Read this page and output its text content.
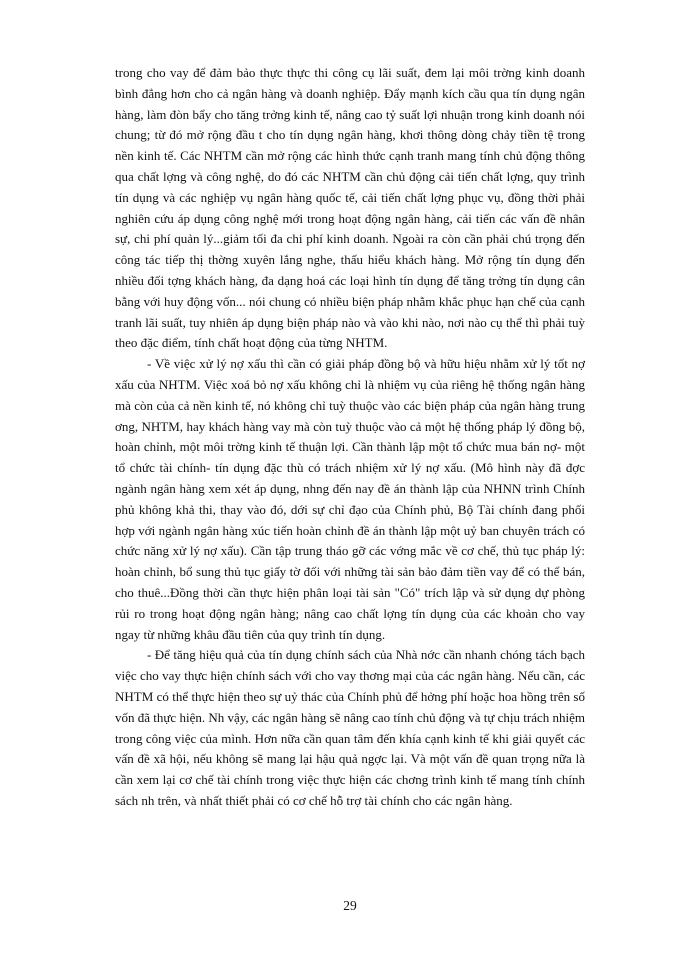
trong cho vay để đảm bảo thực thực thi công cụ lãi suất, đem lại môi trờng kinh doanh bình đẳng hơn cho cả ngân hàng và doanh nghiệp. Đẩy mạnh kích cầu qua tín dụng ngân hàng, làm đòn bẩy cho tăng trởng kinh tế, nâng cao tỷ suất lợi nhuận trong kinh doanh nói chung; từ đó mở rộng đầu t cho tín dụng ngân hàng, khơi thông dòng chảy tiền tệ trong nền kinh tế. Các NHTM cần mở rộng các hình thức cạnh tranh mang tính chủ động thông qua chất lợng và công nghệ, do đó các NHTM cần chủ động cải tiến chất lợng, quy trình tín dụng và các nghiệp vụ ngân hàng quốc tế, cải tiến chất lợng phục vụ, đồng thời phải nghiên cứu áp dụng công nghệ mới trong hoạt động ngân hàng, cải tiến các vấn đề nhân sự, chi phí quản lý...giảm tối đa chi phí kinh doanh. Ngoài ra còn cần phải chú trọng đến công tác tiếp thị thờng xuyên lắng nghe, thấu hiểu khách hàng. Mở rộng tín dụng đến nhiều đối tợng khách hàng, đa dạng hoá các loại hình tín dụng để tăng trởng tín dụng cân bằng với huy động vốn... nói chung có nhiều biện pháp nhằm khắc phục hạn chế của cạnh tranh lãi suất, tuy nhiên áp dụng biện pháp nào và vào khi nào, nơi nào cụ thể thì phải tuỳ theo đặc điểm, tính chất hoạt động của từng NHTM.

- Về việc xử lý nợ xấu thì cần có giải pháp đồng bộ và hữu hiệu nhằm xử lý tốt nợ xấu của NHTM. Việc xoá bỏ nợ xấu không chỉ là nhiệm vụ của riêng hệ thống ngân hàng mà còn của cả nền kinh tế, nó không chỉ tuỳ thuộc vào các biện pháp của ngân hàng trung ơng, NHTM, hay khách hàng vay mà còn tuỳ thuộc vào cả một hệ thống pháp lý đồng bộ, hoàn chỉnh, một môi trờng kinh tế thuận lợi. Cần thành lập một tổ chức mua bán nợ- một tổ chức tài chính- tín dụng đặc thù có trách nhiệm xử lý nợ xấu. (Mô hình này đã đợc ngành ngân hàng xem xét áp dụng, nhng đến nay đề án thành lập của NHNN trình Chính phủ không khả thi, thay vào đó, dới sự chỉ đạo của Chính phủ, Bộ Tài chính đang phối hợp với ngành ngân hàng xúc tiến hoàn chỉnh đề án thành lập một uỷ ban chuyên trách có chức năng xử lý nợ xấu). Cần tập trung tháo gỡ các vớng mắc về cơ chế, thủ tục pháp lý: hoàn chỉnh, bổ sung thủ tục giấy tờ đối với những tài sản bảo đảm tiền vay để có thể bán, cho thuê...Đồng thời cần thực hiện phân loại tài sản "Có" trích lập và sử dụng dự phòng rủi ro trong hoạt động ngân hàng; nâng cao chất lợng tín dụng của các khoản cho vay ngay từ những khâu đầu tiên của quy trình tín dụng.

- Để tăng hiệu quả của tín dụng chính sách của Nhà nớc cần nhanh chóng tách bạch việc cho vay thực hiện chính sách với cho vay thơng mại của các ngân hàng. Nếu cần, các NHTM có thể thực hiện theo sự uỷ thác của Chính phủ để hởng phí hoặc hoa hồng trên số vốn đã thực hiện. Nh vậy, các ngân hàng sẽ nâng cao tính chủ động và tự chịu trách nhiệm trong công việc của mình. Hơn nữa cần quan tâm đến khía cạnh kinh tế khi giải quyết các vấn đề xã hội, nếu không sẽ mang lại hậu quả ngợc lại. Và một vấn đề quan trọng nữa là cần xem lại cơ chế tài chính trong việc thực hiện các chơng trình kinh tế mang tính chính sách nh trên, và nhất thiết phải có cơ chế hỗ trợ tài chính cho các ngân hàng.

29
